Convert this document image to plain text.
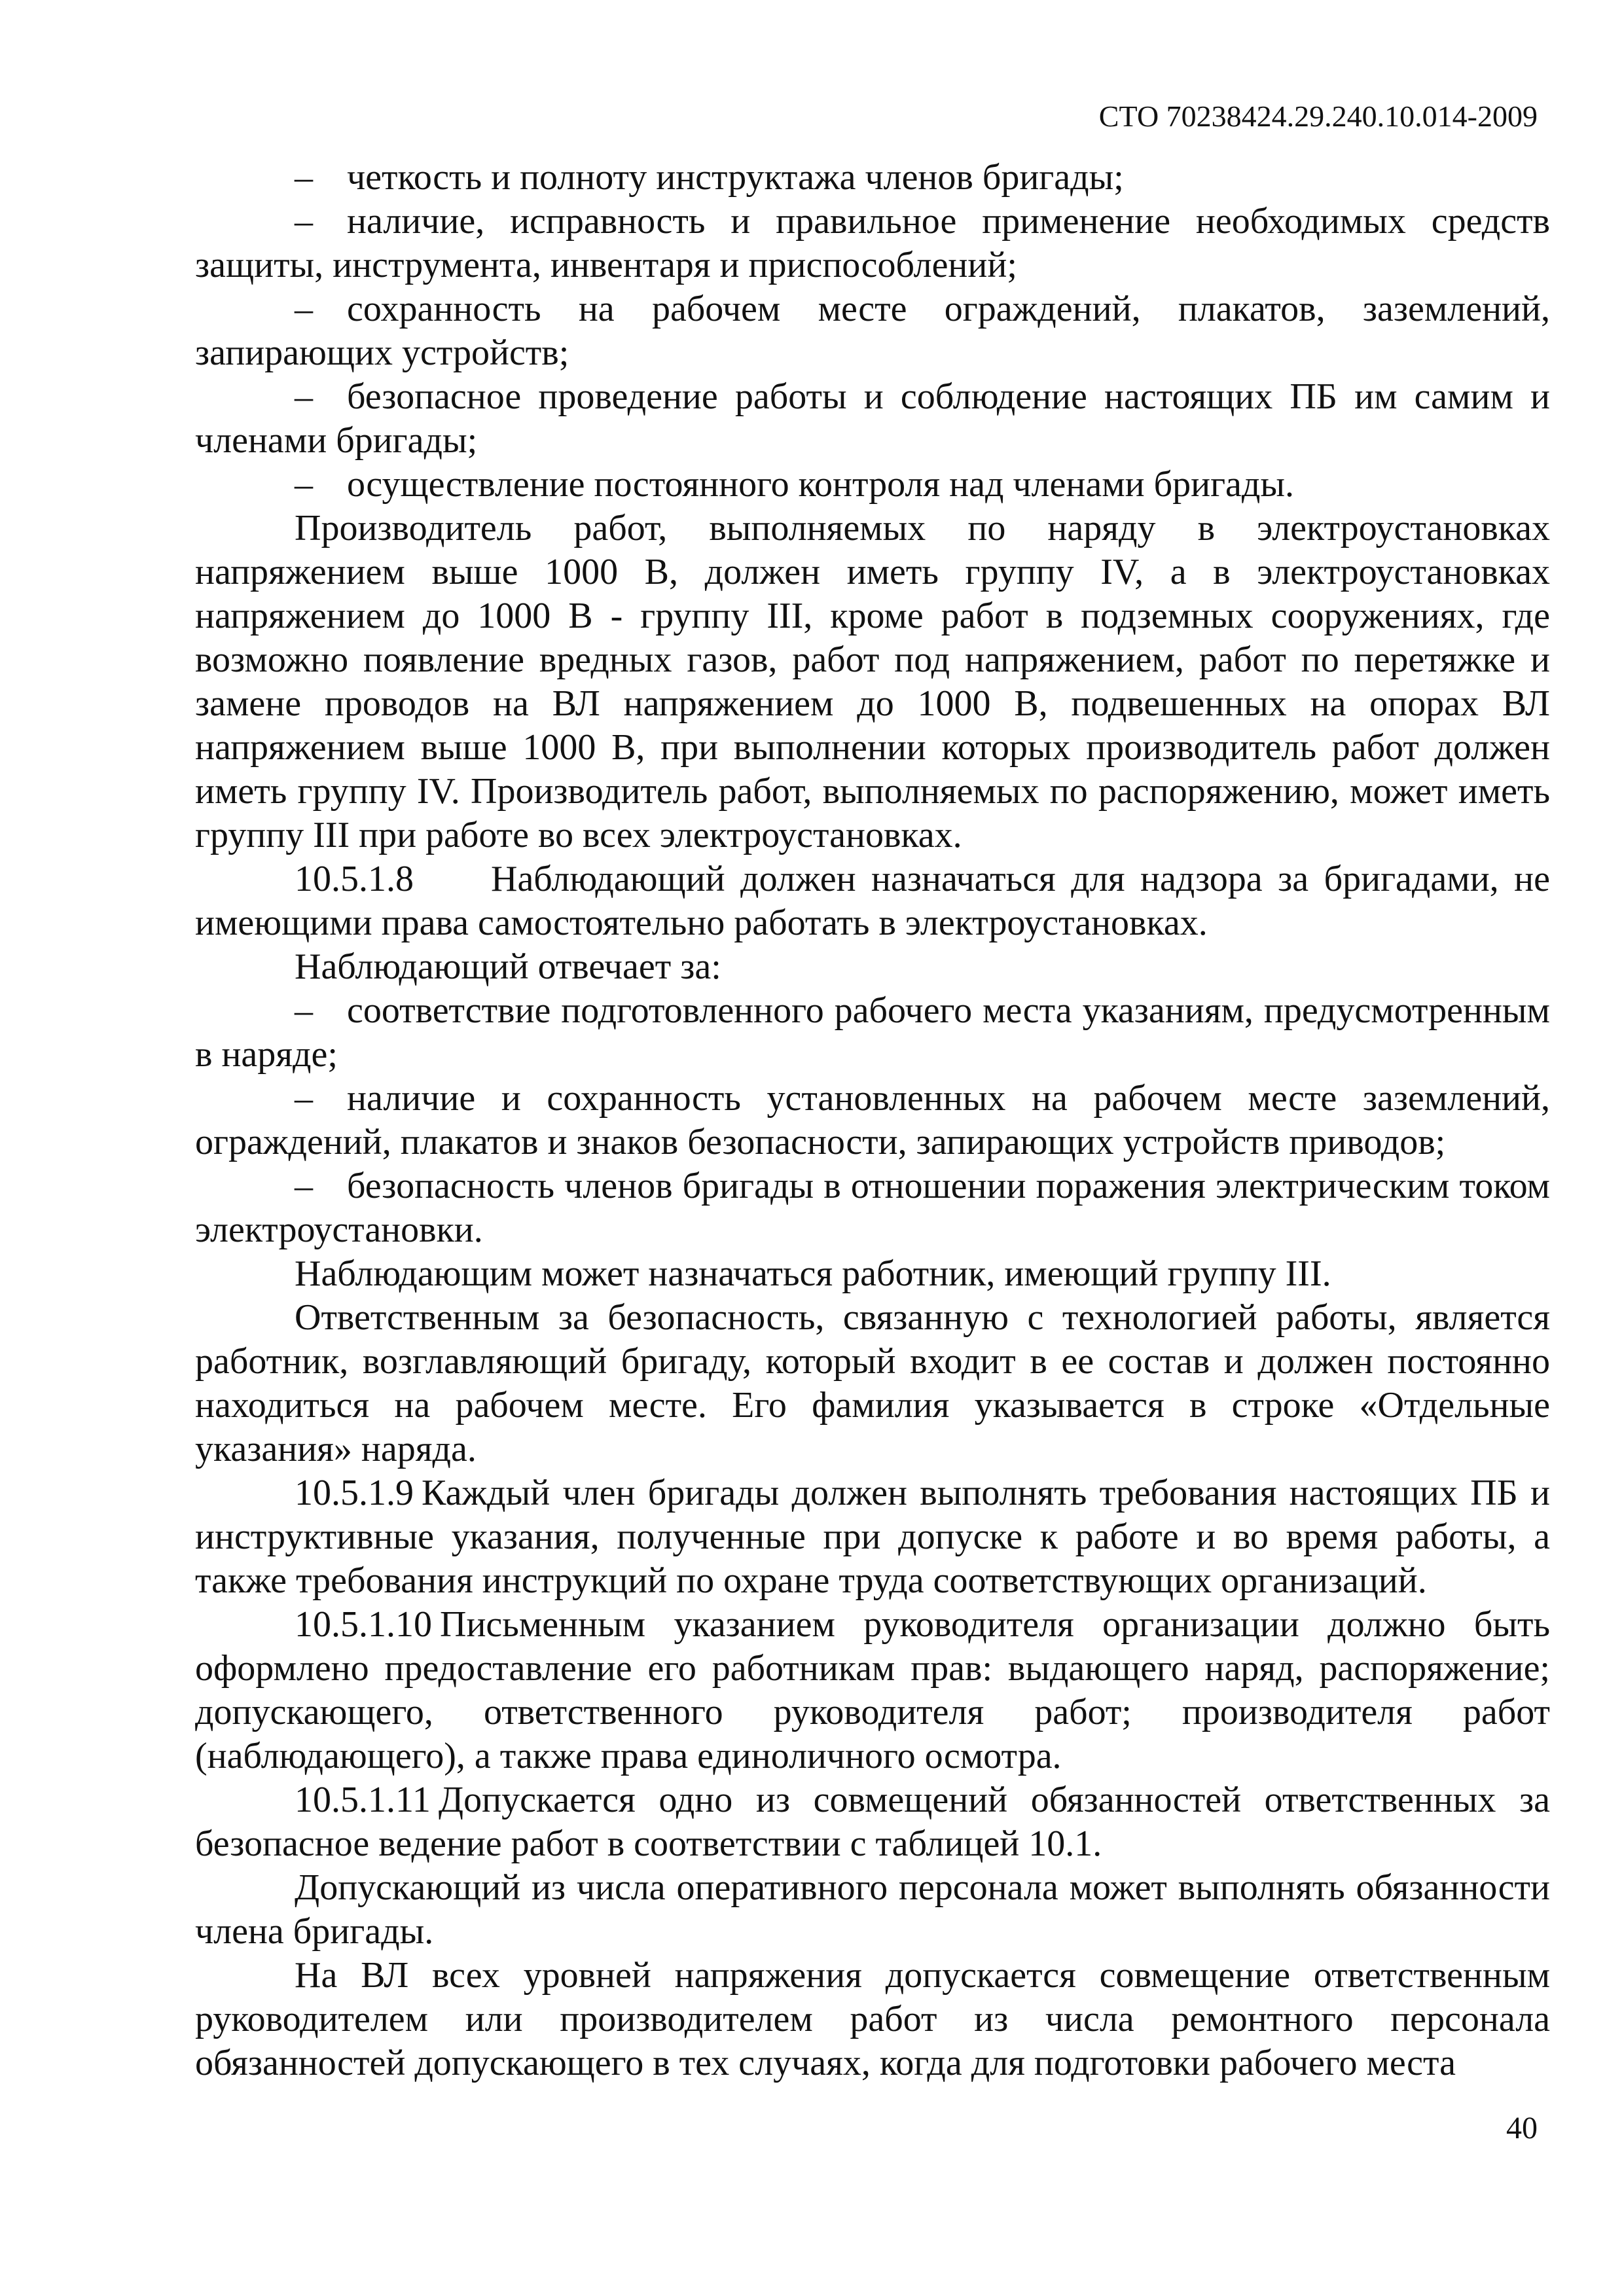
СТО 70238424.29.240.10.014-2009

– четкость и полноту инструктажа членов бригады;

– наличие, исправность и правильное применение необходимых средств защиты, инструмента, инвентаря и приспособлений;

– сохранность на рабочем месте ограждений, плакатов, заземлений, запирающих устройств;

– безопасное проведение работы и соблюдение настоящих ПБ им самим и членами бригады;

– осуществление постоянного контроля над членами бригады.

Производитель работ, выполняемых по наряду в электроустановках напряжением выше 1000 В, должен иметь группу IV, а в электроустановках напряжением до 1000 В - группу III, кроме работ в подземных сооружениях, где возможно появление вредных газов, работ под напряжением, работ по перетяжке и замене проводов на ВЛ напряжением до 1000 В, подвешенных на опорах ВЛ напряжением выше 1000 В, при выполнении которых производитель работ должен иметь группу IV. Производитель работ, выполняемых по распоряжению, может иметь группу III при работе во всех электроустановках.

10.5.1.8 Наблюдающий должен назначаться для надзора за бригадами, не имеющими права самостоятельно работать в электроустановках.

Наблюдающий отвечает за:

– соответствие подготовленного рабочего места указаниям, предусмотренным в наряде;

– наличие и сохранность установленных на рабочем месте заземлений, ограждений, плакатов и знаков безопасности, запирающих устройств приводов;

– безопасность членов бригады в отношении поражения электрическим током электроустановки.

Наблюдающим может назначаться работник, имеющий группу III.

Ответственным за безопасность, связанную с технологией работы, является работник, возглавляющий бригаду, который входит в ее состав и должен постоянно находиться на рабочем месте. Его фамилия указывается в строке «Отдельные указания» наряда.

10.5.1.9 Каждый член бригады должен выполнять требования настоящих ПБ и инструктивные указания, полученные при допуске к работе и во время работы, а также требования инструкций по охране труда соответствующих организаций.

10.5.1.10 Письменным указанием руководителя организации должно быть оформлено предоставление его работникам прав: выдающего наряд, распоряжение; допускающего, ответственного руководителя работ; производителя работ (наблюдающего), а также права единоличного осмотра.

10.5.1.11 Допускается одно из совмещений обязанностей ответственных за безопасное ведение работ в соответствии с таблицей 10.1.

Допускающий из числа оперативного персонала может выполнять обязанности члена бригады.

На ВЛ всех уровней напряжения допускается совмещение ответственным руководителем или производителем работ из числа ремонтного персонала обязанностей допускающего в тех случаях, когда для подготовки рабочего места

40
